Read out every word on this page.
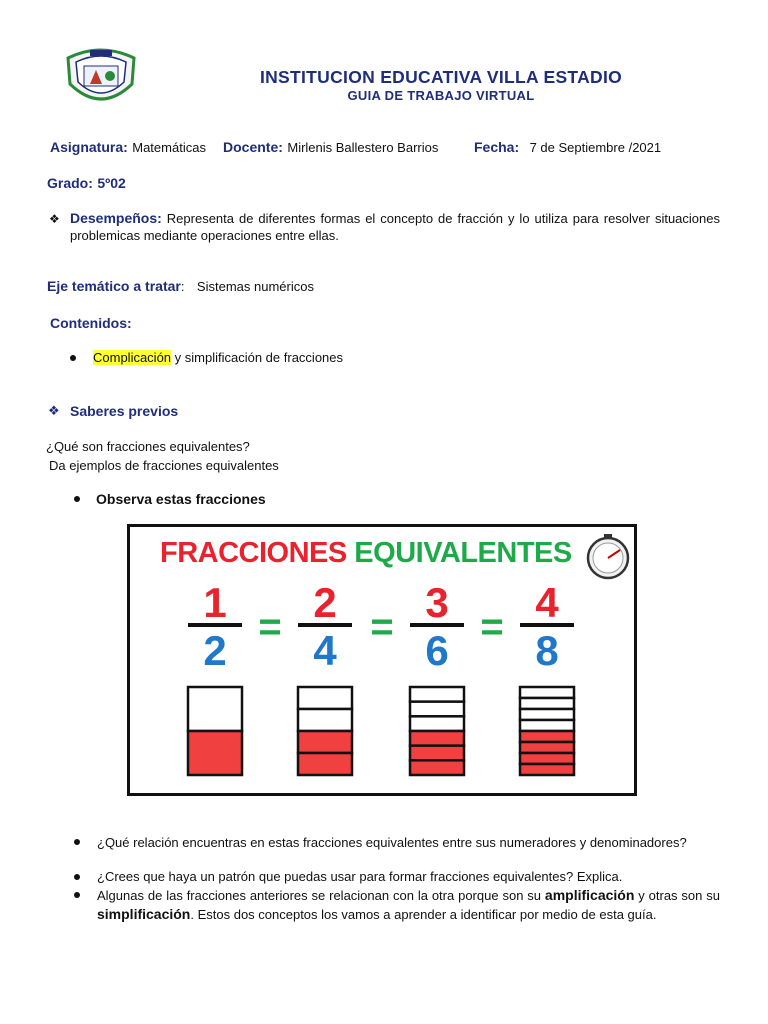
INSTITUCION EDUCATIVA VILLA ESTADIO
GUIA DE TRABAJO VIRTUAL
Asignatura: Matemáticas Docente: Mirlenis Ballestero Barrios	Fecha: 7 de Septiembre /2021
Grado: 5º02
❖ Desempeños: Representa de diferentes formas el concepto de fracción y lo utiliza para resolver situaciones problemicas mediante operaciones entre ellas.
Eje temático a tratar: Sistemas numéricos
Contenidos:
Complicación y simplificación de fracciones
❖ Saberes previos
¿Qué son fracciones equivalentes?
Da ejemplos de fracciones equivalentes
Observa estas fracciones
FRACCIONES EQUIVALENTES
1
2
2
4
3
6
4
8
= = =
¿Qué relación encuentras en estas fracciones equivalentes entre sus numeradores y denominadores?
¿Crees que haya un patrón que puedas usar para formar fracciones equivalentes? Explica.
Algunas de las fracciones anteriores se relacionan con la otra porque son su amplificación y otras son su simplificación. Estos dos conceptos los vamos a aprender a identificar por medio de esta guía.
